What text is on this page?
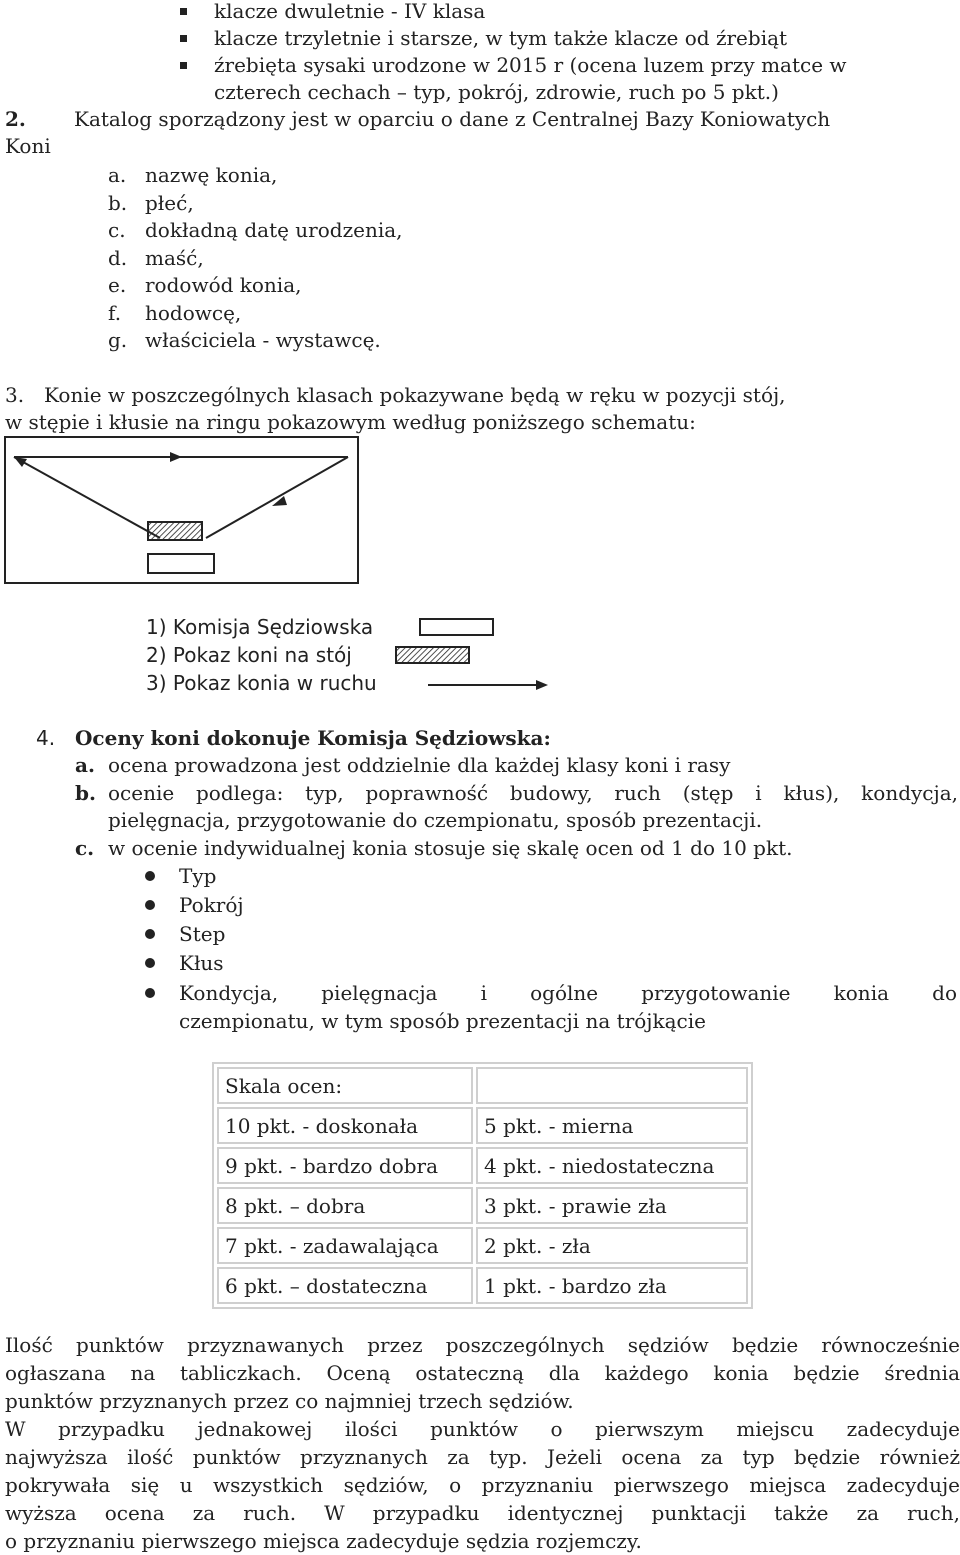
klacze dwuletnie - IV klasa
klacze trzyletnie i starsze, w tym także klacze od źrebiąt
źrebięta sysaki urodzone w 2015 r (ocena luzem przy matce w
czterech cechach – typ, pokrój, zdrowie, ruch po 5 pkt.)
2. Katalog sporządzony jest w oparciu o dane z Centralnej Bazy Koniowatych
Koni
a. nazwę konia,
b. płeć,
c. dokładną datę urodzenia,
d. maść,
e. rodowód konia,
f. hodowcę,
g. właściciela - wystawcę.
3. Konie w poszczególnych klasach pokazywane będą w ręku w pozycji stój,
w stępie i kłusie na ringu pokazowym według poniższego schematu:
1) Komisja Sędziowska
2) Pokaz koni na stój
3) Pokaz konia w ruchu
4. Oceny koni dokonuje Komisja Sędziowska:
a. ocena prowadzona jest oddzielnie dla każdej klasy koni i rasy
b. ocenie podlega: typ, poprawność budowy, ruch (stęp i kłus), kondycja,
pielęgnacja, przygotowanie do czempionatu, sposób prezentacji.
c. w ocenie indywidualnej konia stosuje się skalę ocen od 1 do 10 pkt.
Typ
Pokrój
Step
Kłus
Kondycja, pielęgnacja i ogólne przygotowanie konia do
czempionatu, w tym sposób prezentacji na trójkącie
Skala ocen:	
10 pkt. - doskonała	5 pkt. - mierna
9 pkt. - bardzo dobra	4 pkt. - niedostateczna
8 pkt. – dobra	3 pkt. - prawie zła
7 pkt. - zadawalająca	2 pkt. - zła
6 pkt. – dostateczna	1 pkt. - bardzo zła
Ilość punktów przyznawanych przez poszczególnych sędziów będzie równocześnie
ogłaszana na tabliczkach. Oceną ostateczną dla każdego konia będzie średnia
punktów przyznanych przez co najmniej trzech sędziów.
W przypadku jednakowej ilości punktów o pierwszym miejscu zadecyduje
najwyższa ilość punktów przyznanych za typ. Jeżeli ocena za typ będzie również
pokrywała się u wszystkich sędziów, o przyznaniu pierwszego miejsca zadecyduje
wyższa ocena za ruch. W przypadku identycznej punktacji także za ruch,
o przyznaniu pierwszego miejsca zadecyduje sędzia rozjemczy.
